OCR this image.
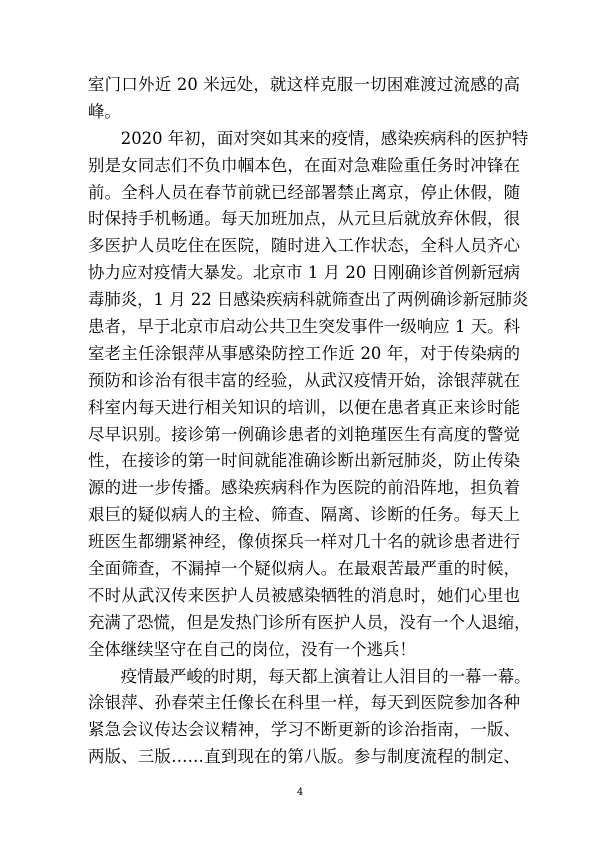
室门口外近 20 米远处，就这样克服一切困难渡过流感的高
峰。
　　2020 年初，面对突如其来的疫情，感染疾病科的医护特
别是女同志们不负巾帼本色，在面对急难险重任务时冲锋在
前。全科人员在春节前就已经部署禁止离京，停止休假，随
时保持手机畅通。每天加班加点，从元旦后就放弃休假，很
多医护人员吃住在医院，随时进入工作状态，全科人员齐心
协力应对疫情大暴发。北京市 1 月 20 日刚确诊首例新冠病
毒肺炎，1 月 22 日感染疾病科就筛查出了两例确诊新冠肺炎
患者，早于北京市启动公共卫生突发事件一级响应 1 天。科
室老主任涂银萍从事感染防控工作近 20 年，对于传染病的
预防和诊治有很丰富的经验，从武汉疫情开始，涂银萍就在
科室内每天进行相关知识的培训，以便在患者真正来诊时能
尽早识别。接诊第一例确诊患者的刘艳瑾医生有高度的警觉
性，在接诊的第一时间就能准确诊断出新冠肺炎，防止传染
源的进一步传播。感染疾病科作为医院的前沿阵地，担负着
艰巨的疑似病人的主检、筛查、隔离、诊断的任务。每天上
班医生都绷紧神经，像侦探兵一样对几十名的就诊患者进行
全面筛查，不漏掉一个疑似病人。在最艰苦最严重的时候，
不时从武汉传来医护人员被感染牺牲的消息时，她们心里也
充满了恐慌，但是发热门诊所有医护人员，没有一个人退缩，
全体继续坚守在自己的岗位，没有一个逃兵！
　　疫情最严峻的时期，每天都上演着让人泪目的一幕一幕。
涂银萍、孙春荣主任像长在科里一样，每天到医院参加各种
紧急会议传达会议精神，学习不断更新的诊治指南，一版、
两版、三版……直到现在的第八版。参与制度流程的制定、
4
